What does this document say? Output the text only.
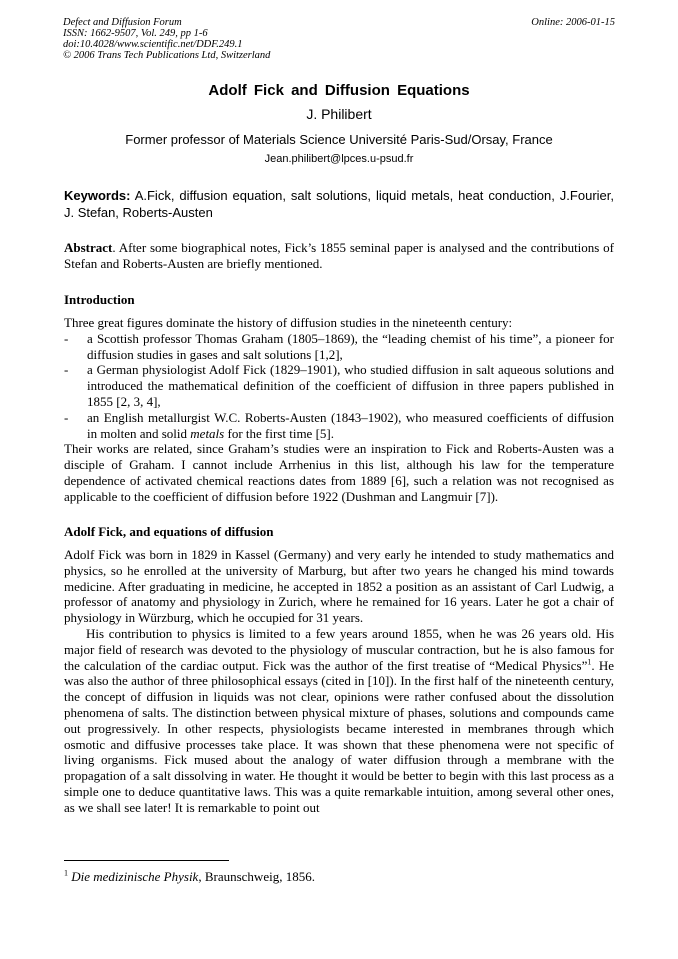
Defect and Diffusion Forum
ISSN: 1662-9507, Vol. 249, pp 1-6
doi:10.4028/www.scientific.net/DDF.249.1
© 2006 Trans Tech Publications Ltd, Switzerland
Online: 2006-01-15
Adolf Fick and Diffusion Equations
J. Philibert
Former professor of Materials Science Université Paris-Sud/Orsay, France
Jean.philibert@lpces.u-psud.fr
Keywords: A.Fick, diffusion equation, salt solutions, liquid metals, heat conduction, J.Fourier, J. Stefan, Roberts-Austen
Abstract. After some biographical notes, Fick’s 1855 seminal paper is analysed and the contributions of Stefan and Roberts-Austen are briefly mentioned.
Introduction

Three great figures dominate the history of diffusion studies in the nineteenth century:

- a Scottish professor Thomas Graham (1805–1869), the “leading chemist of his time”, a pioneer for diffusion studies in gases and salt solutions [1,2],

- a German physiologist Adolf Fick (1829–1901), who studied diffusion in salt aqueous solutions and introduced the mathematical definition of the coefficient of diffusion in three papers published in 1855 [2, 3, 4],

- an English metallurgist W.C. Roberts-Austen (1843–1902), who measured coefficients of diffusion in molten and solid metals for the first time [5].

Their works are related, since Graham’s studies were an inspiration to Fick and Roberts-Austen was a disciple of Graham. I cannot include Arrhenius in this list, although his law for the temperature dependence of activated chemical reactions dates from 1889 [6], such a relation was not recognised as applicable to the coefficient of diffusion before 1922 (Dushman and Langmuir [7]).

Adolf Fick, and equations of diffusion

Adolf Fick was born in 1829 in Kassel (Germany) and very early he intended to study mathematics and physics, so he enrolled at the university of Marburg, but after two years he changed his mind towards medicine. After graduating in medicine, he accepted in 1852 a position as an assistant of Carl Ludwig, a professor of anatomy and physiology in Zurich, where he remained for 16 years. Later he got a chair of physiology in Würzburg, which he occupied for 31 years.

His contribution to physics is limited to a few years around 1855, when he was 26 years old. His major field of research was devoted to the physiology of muscular contraction, but he is also famous for the calculation of the cardiac output. Fick was the author of the first treatise of “Medical Physics”$^1$. He was also the author of three philosophical essays (cited in [10]). In the first half of the nineteenth century, the concept of diffusion in liquids was not clear, opinions were rather confused about the dissolution phenomena of salts. The distinction between physical mixture of phases, solutions and compounds came out progressively. In other respects, physiologists became interested in membranes through which osmotic and diffusive processes take place. It was shown that these phenomena were not specific of living organisms. Fick mused about the analogy of water diffusion through a membrane with the propagation of a salt dissolving in water. He thought it would be better to begin with this last process as a simple one to deduce quantitative laws. This was a quite remarkable intuition, among several other ones, as we shall see later! It is remarkable to point out

$^1$ Die medizinische Physik, Braunschweig, 1856.
